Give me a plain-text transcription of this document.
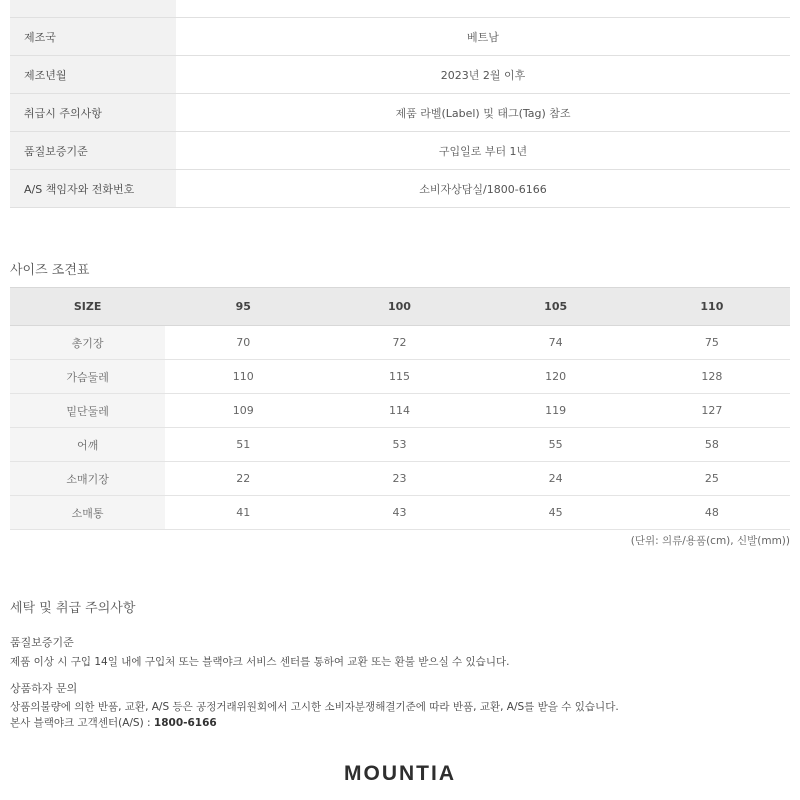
제조국	베트남
제조년월	2023년 2월 이후
취급시 주의사항	제품 라벨(Label) 및 태그(Tag) 참조
품질보증기준	구입일로 부터 1년
A/S 책임자와 전화번호	소비자상담실/1800-6166
사이즈 조견표
SIZE	95	100	105	110
총기장	70	72	74	75
가슴둘레	110	115	120	128
밑단둘레	109	114	119	127
어깨	51	53	55	58
소매기장	22	23	24	25
소매통	41	43	45	48
(단위: 의류/용품(cm), 신발(mm))
세탁 및 취급 주의사항

품질보증기준

제품 이상 시 구입 14일 내에 구입처 또는 블랙야크 서비스 센터를 통하여 교환 또는 환불 받으실 수 있습니다.

상품하자 문의

상품의불량에 의한 반품, 교환, A/S 등은 공정거래위원회에서 고시한 소비자분쟁해결기준에 따라 반품, 교환, A/S를 받을 수 있습니다.

본사 블랙야크 고객센터(A/S) : 1800-6166

MOUNTIA
